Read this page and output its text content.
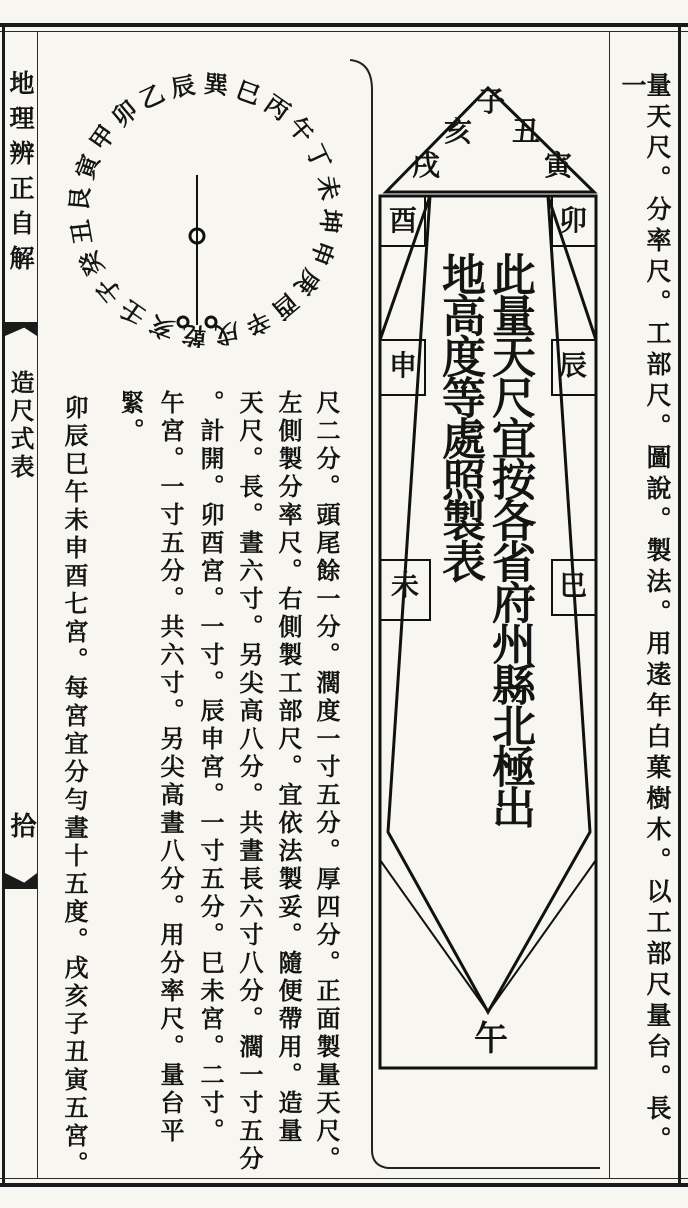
地理辨正自解
造尺式表
拾	量天尺。分率尺。工部尺。圖說。製法。用逺年白菓樹木。以工部尺量台。長。一
尺二分。頭尾餘一分。濶度一寸五分。厚四分。正面製量天尺。
左側製分率尺。右側製工部尺。宜依法製妥。隨便帶用。造量
天尺。長。晝六寸。另尖高八分。共晝長六寸八分。濶一寸五分
。計開。卯酉宮。一寸。辰申宮。一寸五分。巳未宮。二寸。
午宮。一寸五分。共六寸。另尖高晝八分。用分率尺。量台平
緊。
卯辰巳午未申酉七宮。每宮宜分勻晝十五度。戌亥子丑寅五宮。
辰 巽 巳
丙
午
丁
未
坤
申
庚
酉
辛
戌
乾
亥
壬
子
癸
丑
艮
寅
甲
卯
乙	子
亥 丑
戌	寅
酉
申
未
卯
辰
巳
午
此量天尺宜按各省府州縣北極出地高度等處照製表
